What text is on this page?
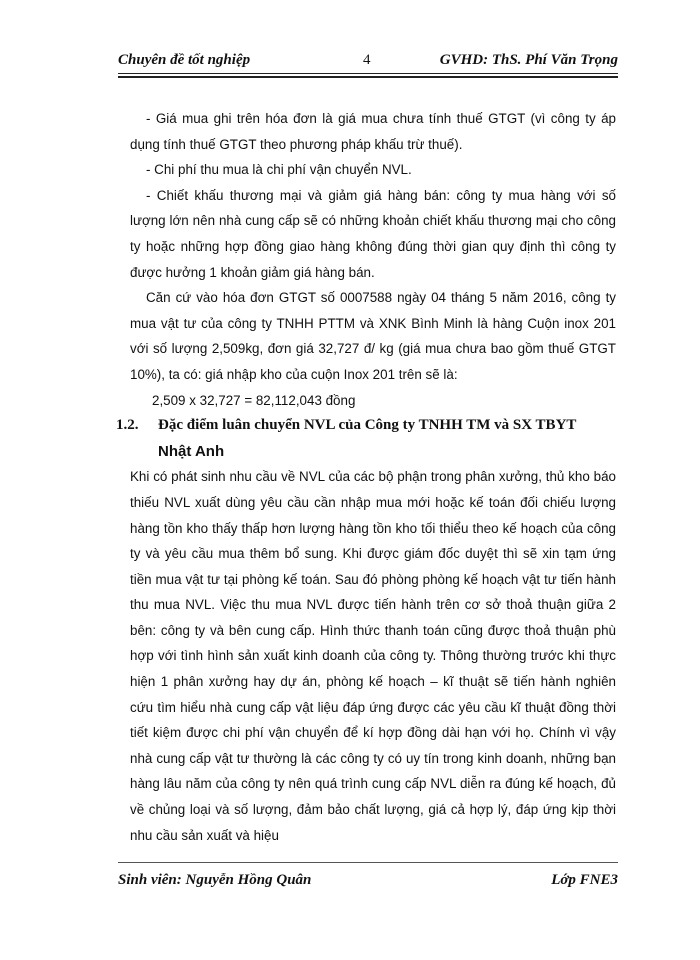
Chuyên đề tốt nghiệp	4	GVHD: ThS. Phí Văn Trọng

- Giá mua ghi trên hóa đơn là giá mua chưa tính thuế GTGT (vì công ty áp dụng tính thuế GTGT theo phương pháp khấu trừ thuế).

- Chi phí thu mua là chi phí vận chuyển NVL.

- Chiết khấu thương mại và giảm giá hàng bán: công ty mua hàng với số lượng lớn nên nhà cung cấp sẽ có những khoản chiết khấu thương mại cho công ty hoặc những hợp đồng giao hàng không đúng thời gian quy định thì công ty được hưởng 1 khoản giảm giá hàng bán.

Căn cứ vào hóa đơn GTGT số 0007588 ngày 04 tháng 5 năm 2016, công ty mua vật tư của công ty TNHH PTTM và XNK Bình Minh là hàng Cuộn inox 201 với số lượng 2,509kg, đơn giá 32,727 đ/ kg (giá mua chưa bao gồm thuế GTGT 10%), ta có: giá nhập kho của cuộn Inox 201 trên sẽ là:

2,509 x 32,727 = 82,112,043 đồng

1.2. Đặc điểm luân chuyển NVL của Công ty TNHH TM và SX TBYT

Nhật Anh

Khi có phát sinh nhu cầu về NVL của các bộ phận trong phân xưởng, thủ kho báo thiếu NVL xuất dùng yêu cầu cần nhập mua mới hoặc kế toán đối chiếu lượng hàng tồn kho thấy thấp hơn lượng hàng tồn kho tối thiểu theo kế hoạch của công ty và yêu cầu mua thêm bổ sung. Khi được giám đốc duyệt thì sẽ xin tạm ứng tiền mua vật tư tại phòng kế toán. Sau đó phòng phòng kế hoạch vật tư tiến hành thu mua NVL. Việc thu mua NVL được tiến hành trên cơ sở thoả thuận giữa 2 bên: công ty và bên cung cấp. Hình thức thanh toán cũng được thoả thuận phù hợp với tình hình sản xuất kinh doanh của công ty. Thông thường trước khi thực hiện 1 phân xưởng hay dự án, phòng kế hoạch – kĩ thuật sẽ tiến hành nghiên cứu tìm hiểu nhà cung cấp vật liệu đáp ứng được các yêu cầu kĩ thuật đồng thời tiết kiệm được chi phí vận chuyển để kí hợp đồng dài hạn với họ. Chính vì vậy nhà cung cấp vật tư thường là các công ty có uy tín trong kinh doanh, những bạn hàng lâu năm của công ty nên quá trình cung cấp NVL diễn ra đúng kế hoạch, đủ về chủng loại và số lượng, đảm bảo chất lượng, giá cả hợp lý, đáp ứng kịp thời nhu cầu sản xuất và hiệu

Sinh viên: Nguyễn Hồng Quân	Lớp FNE3
